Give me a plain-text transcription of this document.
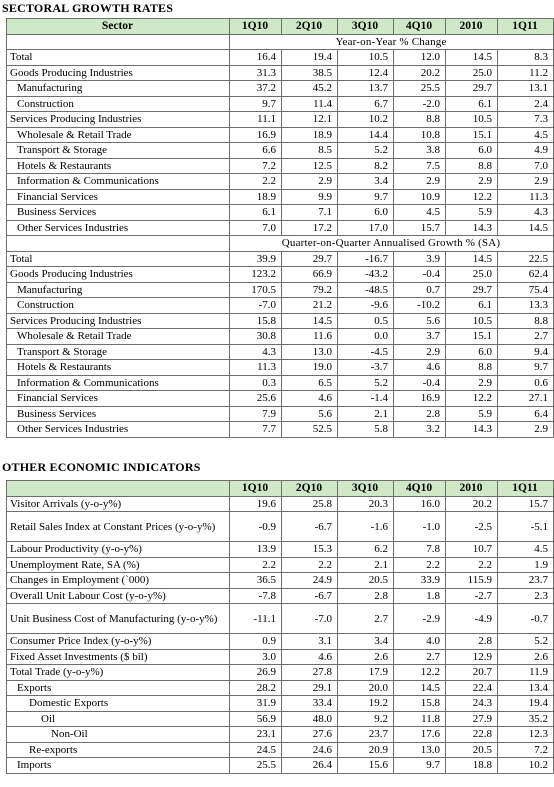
SECTORAL GROWTH RATES
Sector	1Q10	2Q10	3Q10	4Q10	2010	1Q11
	Year-on-Year % Change					
Total	16.4	19.4	10.5	12.0	14.5	8.3
Goods Producing Industries	31.3	38.5	12.4	20.2	25.0	11.2
Manufacturing	37.2	45.2	13.7	25.5	29.7	13.1
Construction	9.7	11.4	6.7	-2.0	6.1	2.4
Services Producing Industries	11.1	12.1	10.2	8.8	10.5	7.3
Wholesale & Retail Trade	16.9	18.9	14.4	10.8	15.1	4.5
Transport & Storage	6.6	8.5	5.2	3.8	6.0	4.9
Hotels & Restaurants	7.2	12.5	8.2	7.5	8.8	7.0
Information & Communications	2.2	2.9	3.4	2.9	2.9	2.9
Financial Services	18.9	9.9	9.7	10.9	12.2	11.3
Business Services	6.1	7.1	6.0	4.5	5.9	4.3
Other Services Industries	7.0	17.2	17.0	15.7	14.3	14.5
	Quarter-on-Quarter Annualised Growth % (SA)					
Total	39.9	29.7	-16.7	3.9	14.5	22.5
Goods Producing Industries	123.2	66.9	-43.2	-0.4	25.0	62.4
Manufacturing	170.5	79.2	-48.5	0.7	29.7	75.4
Construction	-7.0	21.2	-9.6	-10.2	6.1	13.3
Services Producing Industries	15.8	14.5	0.5	5.6	10.5	8.8
Wholesale & Retail Trade	30.8	11.6	0.0	3.7	15.1	2.7
Transport & Storage	4.3	13.0	-4.5	2.9	6.0	9.4
Hotels & Restaurants	11.3	19.0	-3.7	4.6	8.8	9.7
Information & Communications	0.3	6.5	5.2	-0.4	2.9	0.6
Financial Services	25.6	4.6	-1.4	16.9	12.2	27.1
Business Services	7.9	5.6	2.1	2.8	5.9	6.4
Other Services Industries	7.7	52.5	5.8	3.2	14.3	2.9
OTHER ECONOMIC INDICATORS
	1Q10	2Q10	3Q10	4Q10	2010	1Q11
Visitor Arrivals (y-o-y%)	19.6	25.8	20.3	16.0	20.2	15.7
Retail Sales Index at Constant Prices (y-o-y%)	-0.9	-6.7	-1.6	-1.0	-2.5	-5.1
Labour Productivity (y-o-y%)	13.9	15.3	6.2	7.8	10.7	4.5
Unemployment Rate, SA (%)	2.2	2.2	2.1	2.2	2.2	1.9
Changes in Employment (`000)	36.5	24.9	20.5	33.9	115.9	23.7
Overall Unit Labour Cost (y-o-y%)	-7.8	-6.7	2.8	1.8	-2.7	2.3
Unit Business Cost of Manufacturing (y-o-y%)	-11.1	-7.0	2.7	-2.9	-4.9	-0.7
Consumer Price Index (y-o-y%)	0.9	3.1	3.4	4.0	2.8	5.2
Fixed Asset Investments ($ bil)	3.0	4.6	2.6	2.7	12.9	2.6
Total Trade (y-o-y%)	26.9	27.8	17.9	12.2	20.7	11.9
Exports	28.2	29.1	20.0	14.5	22.4	13.4
Domestic Exports	31.9	33.4	19.2	15.8	24.3	19.4
Oil	56.9	48.0	9.2	11.8	27.9	35.2
Non-Oil	23.1	27.6	23.7	17.6	22.8	12.3
Re-exports	24.5	24.6	20.9	13.0	20.5	7.2
Imports	25.5	26.4	15.6	9.7	18.8	10.2
